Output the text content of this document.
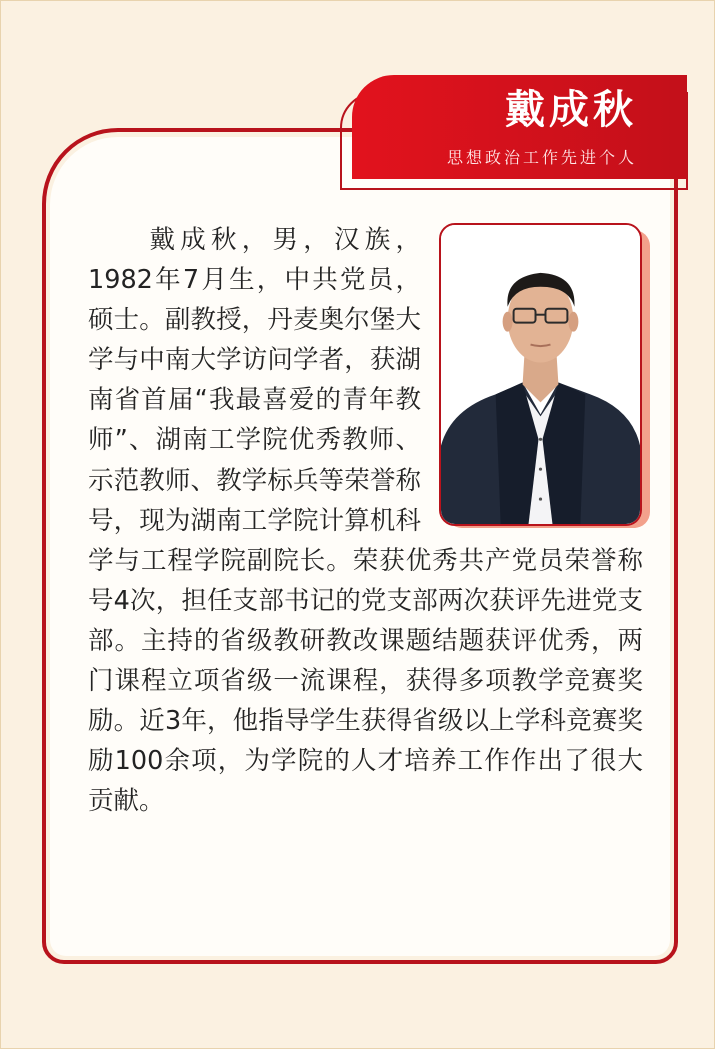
戴成秋
思想政治工作先进个人

　　戴成秋，男，汉族，1982年7月生，中共党员，硕士。副教授，丹麦奥尔堡大学与中南大学访问学者，获湖南省首届“我最喜爱的青年教师”、湖南工学院优秀教师、示范教师、教学标兵等荣誉称号，现为湖南工学院计算机科学与工程学院副院长。荣获优秀共产党员荣誉称号4次，担任支部书记的党支部两次获评先进党支部。主持的省级教研教改课题结题获评优秀，两门课程立项省级一流课程，获得多项教学竞赛奖励。近3年，他指导学生获得省级以上学科竞赛奖励100余项，为学院的人才培养工作作出了很大贡献。
